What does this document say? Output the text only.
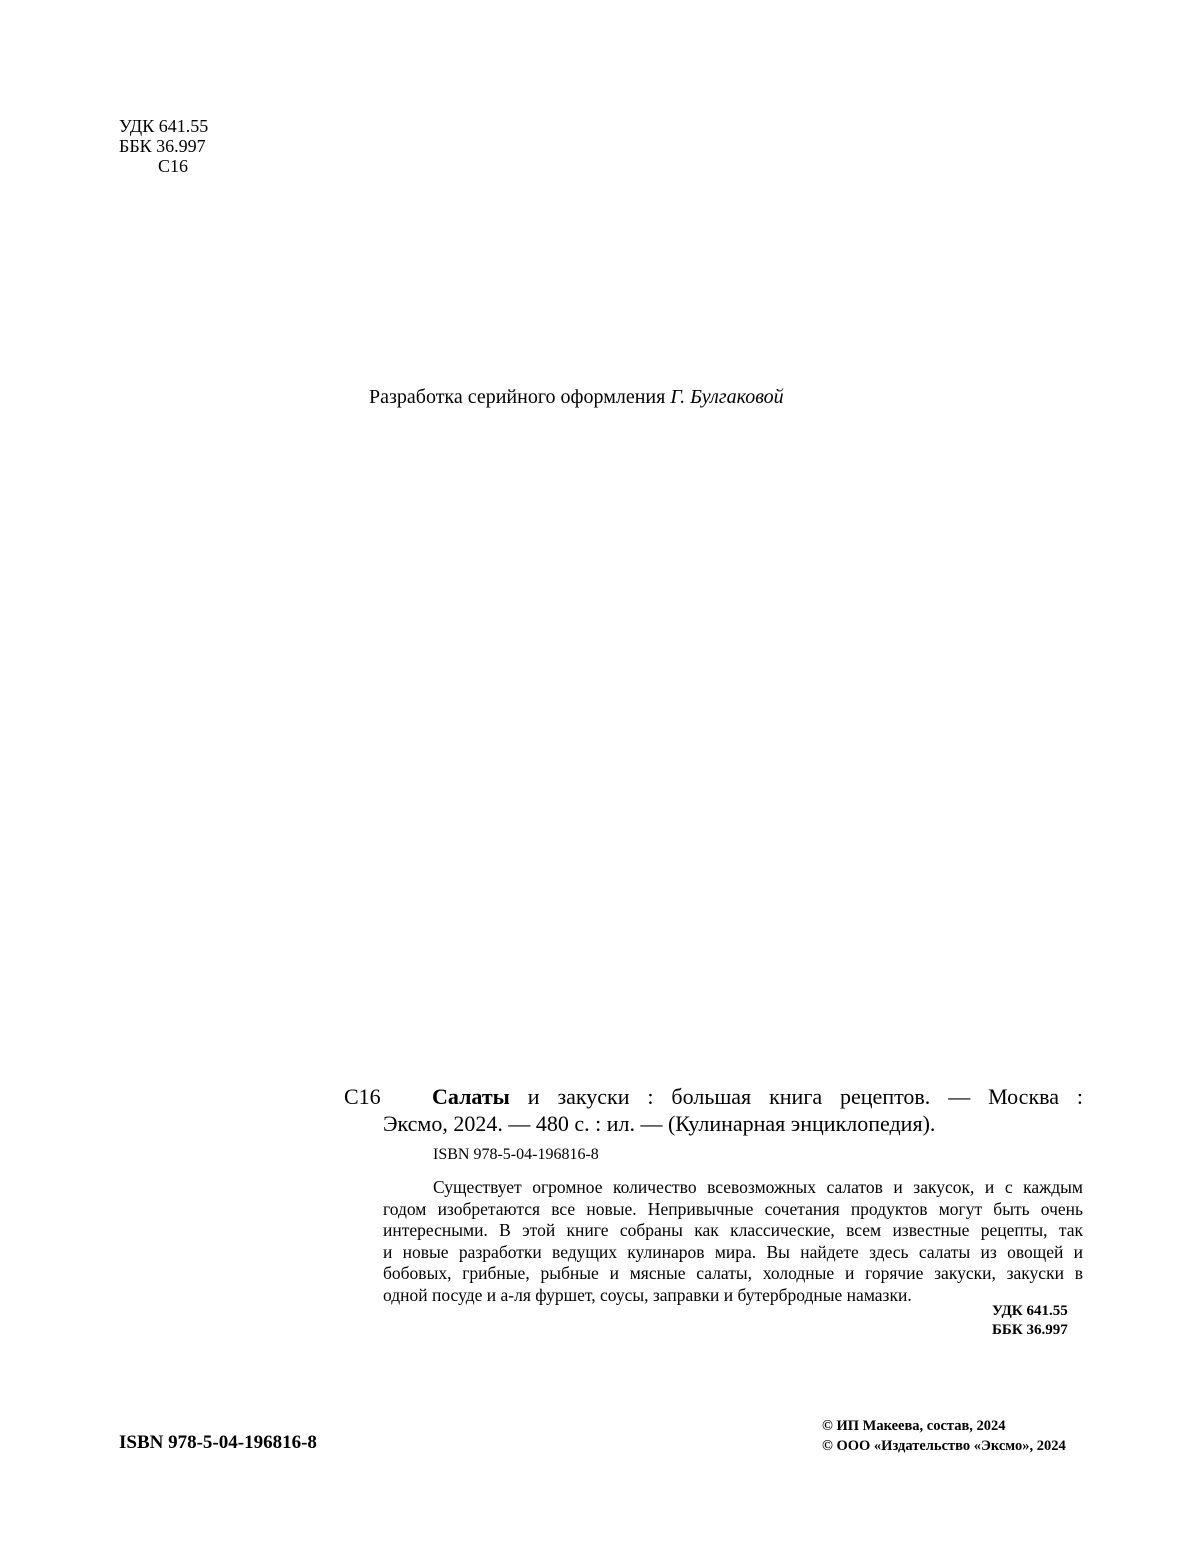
УДК 641.55
ББК 36.997
С16
Разработка серийного оформления Г. Булгаковой
С16	Салаты и закуски : большая книга рецептов. — Москва :
Эксмо, 2024. — 480 с. : ил. — (Кулинарная энциклопедия).
ISBN 978-5-04-196816-8
Существует огромное количество всевозможных салатов и закусок, и с каждым
годом изобретаются все новые. Непривычные сочетания продуктов могут быть очень
интересными. В этой книге собраны как классические, всем известные рецепты, так
и новые разработки ведущих кулинаров мира. Вы найдете здесь салаты из овощей и
бобовых, грибные, рыбные и мясные салаты, холодные и горячие закуски, закуски в
одной посуде и а-ля фуршет, соусы, заправки и бутербродные намазки.
УДК 641.55
ББК 36.997
ISBN 978-5-04-196816-8
© ИП Макеева, состав, 2024
© ООО «Издательство «Эксмо», 2024
